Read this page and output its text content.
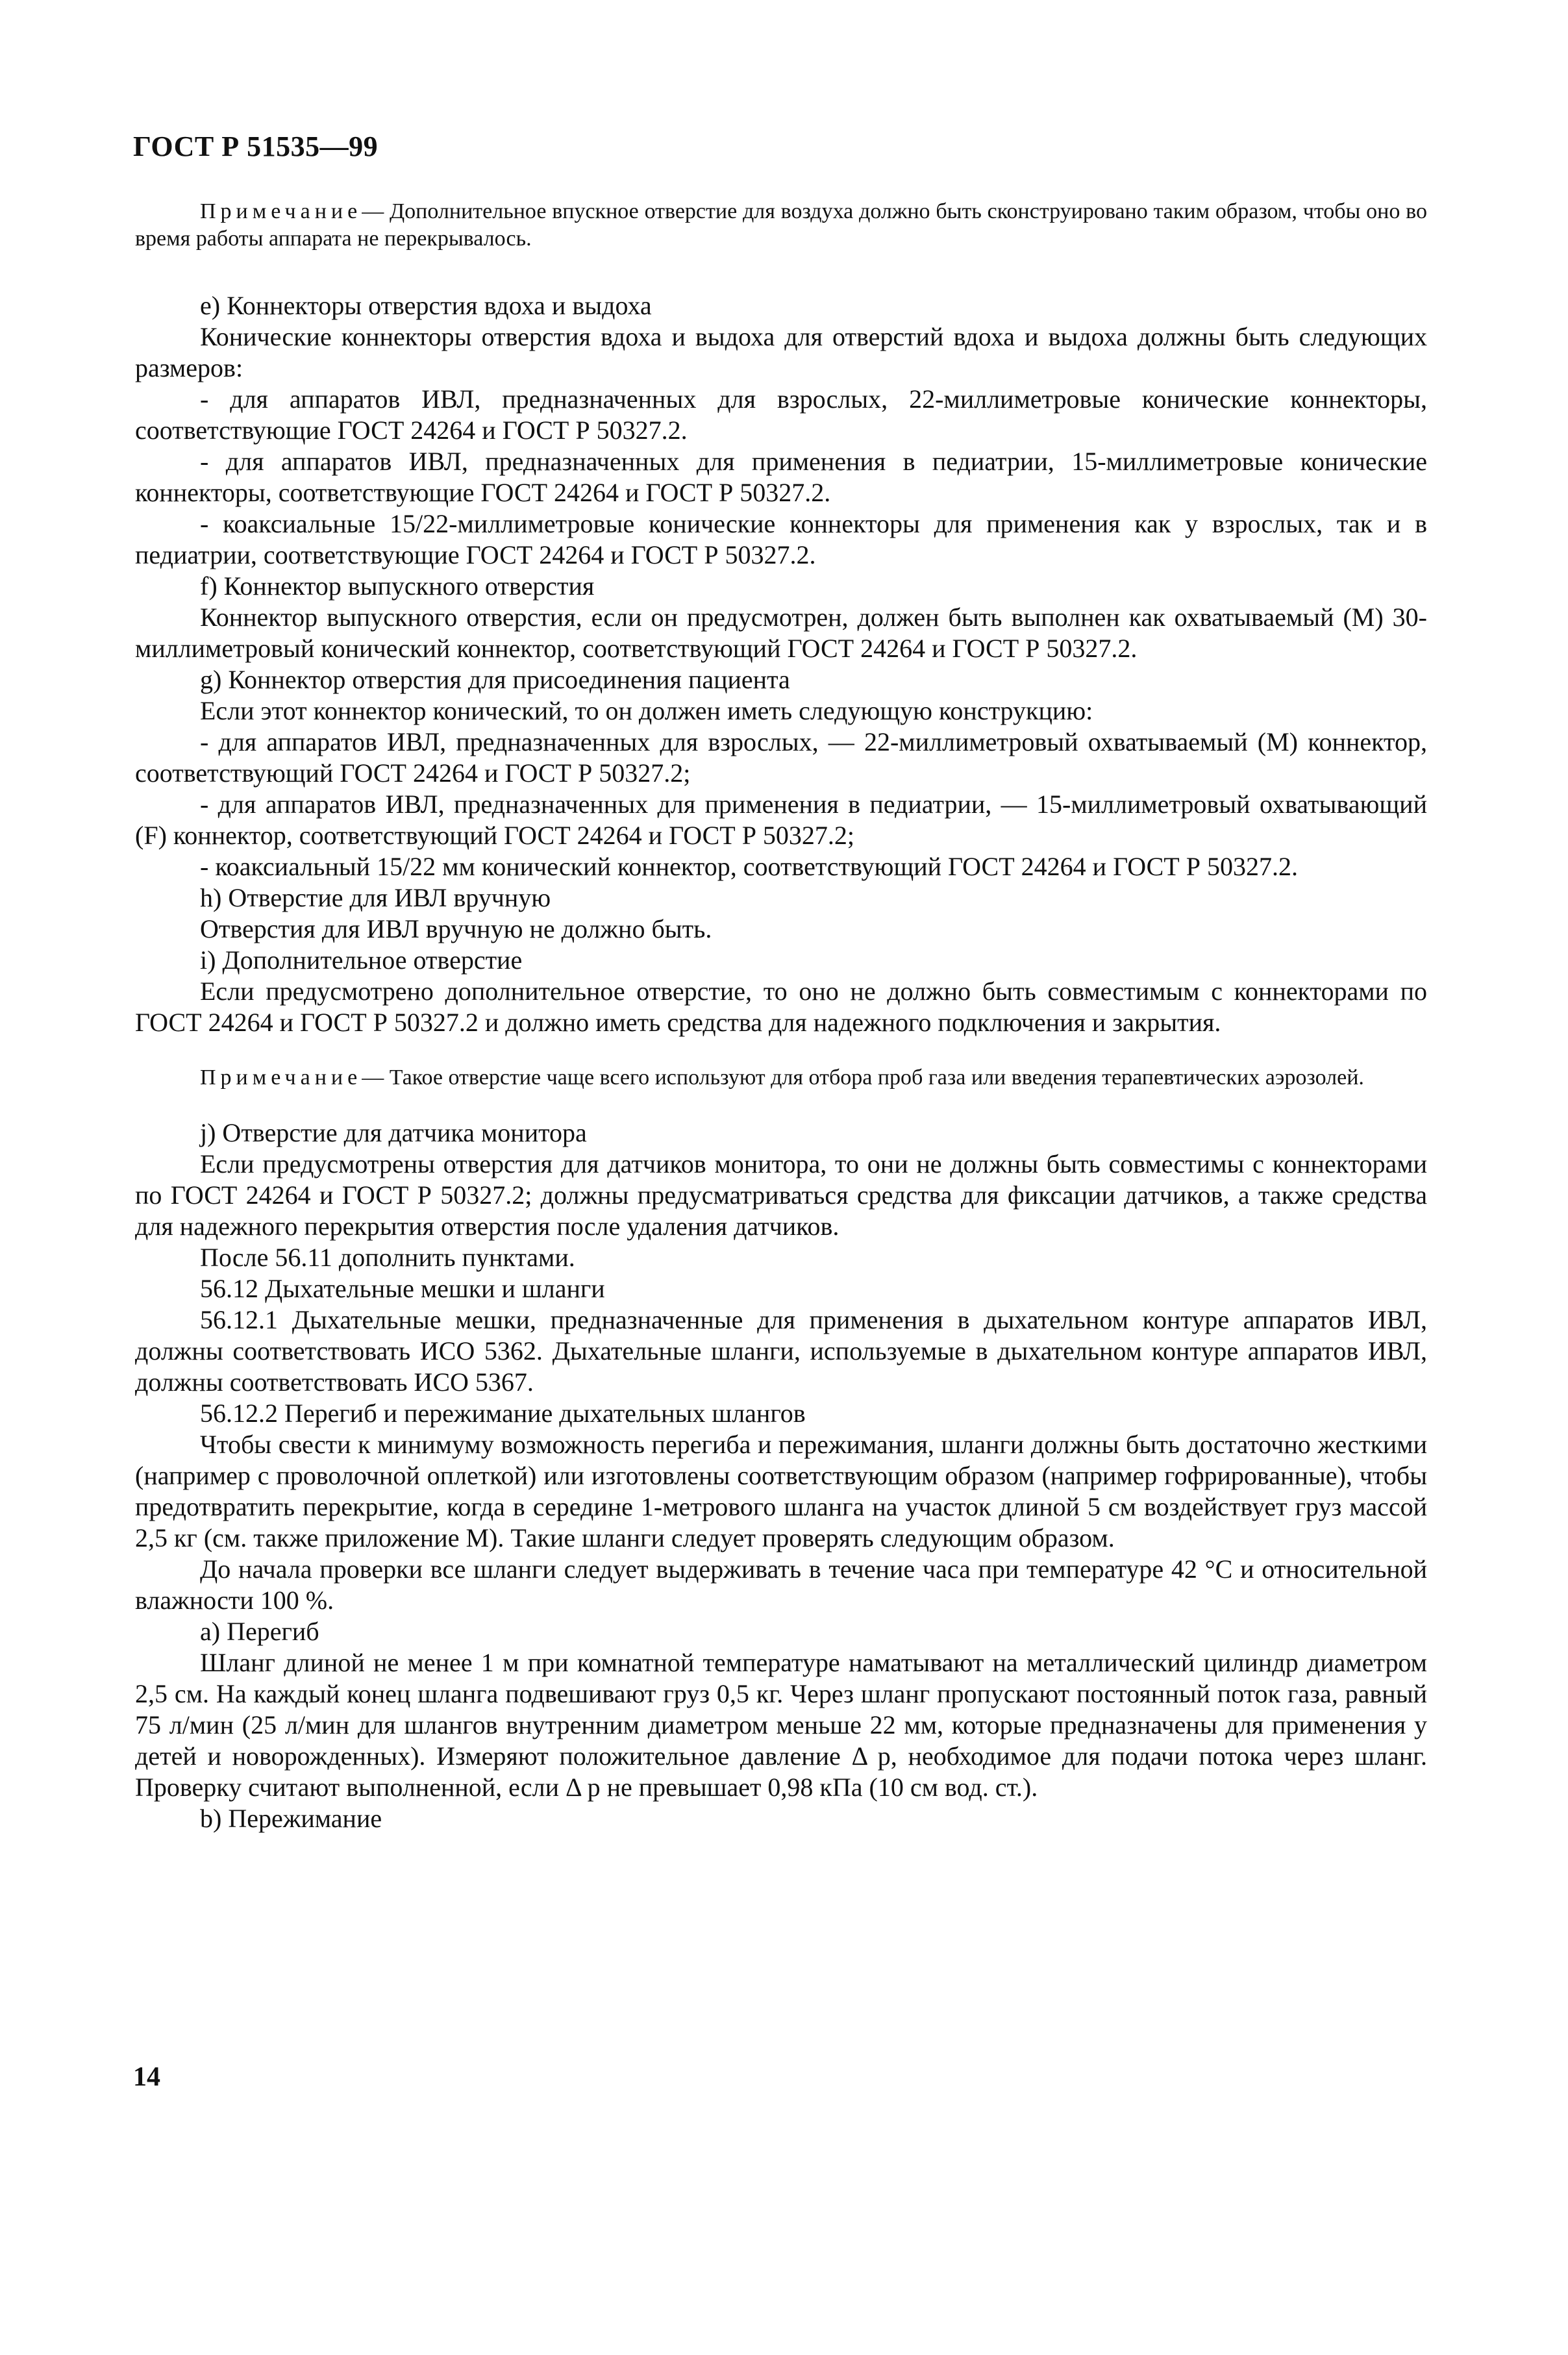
ГОСТ Р 51535—99

Примечание— Дополнительное впускное отверстие для воздуха должно быть сконструировано таким образом, чтобы оно во время работы аппарата не перекрывалось.

е) Коннекторы отверстия вдоха и выдоха

Конические коннекторы отверстия вдоха и выдоха для отверстий вдоха и выдоха должны быть следующих размеров:

- для аппаратов ИВЛ, предназначенных для взрослых, 22-миллиметровые конические коннекторы, соответствующие ГОСТ 24264 и ГОСТ Р 50327.2.

- для аппаратов ИВЛ, предназначенных для применения в педиатрии, 15-миллиметровые конические коннекторы, соответствующие ГОСТ 24264 и ГОСТ Р 50327.2.

- коаксиальные 15/22-миллиметровые конические коннекторы для применения как у взрослых, так и в педиатрии, соответствующие ГОСТ 24264 и ГОСТ Р 50327.2.

f) Коннектор выпускного отверстия

Коннектор выпускного отверстия, если он предусмотрен, должен быть выполнен как охватываемый (М) 30-миллиметровый конический коннектор, соответствующий ГОСТ 24264 и ГОСТ Р 50327.2.

g) Коннектор отверстия для присоединения пациента

Если этот коннектор конический, то он должен иметь следующую конструкцию:

- для аппаратов ИВЛ, предназначенных для взрослых, — 22-миллиметровый охватываемый (М) коннектор, соответствующий ГОСТ 24264 и ГОСТ Р 50327.2;

- для аппаратов ИВЛ, предназначенных для применения в педиатрии, — 15-миллиметровый охватывающий (F) коннектор, соответствующий ГОСТ 24264 и ГОСТ Р 50327.2;

- коаксиальный 15/22 мм конический коннектор, соответствующий ГОСТ 24264 и ГОСТ Р 50327.2.

h) Отверстие для ИВЛ вручную

Отверстия для ИВЛ вручную не должно быть.

i) Дополнительное отверстие

Если предусмотрено дополнительное отверстие, то оно не должно быть совместимым с коннекторами по ГОСТ 24264 и ГОСТ Р 50327.2 и должно иметь средства для надежного подключения и закрытия.

Примечание— Такое отверстие чаще всего используют для отбора проб газа или введения терапевтических аэрозолей.

j) Отверстие для датчика монитора

Если предусмотрены отверстия для датчиков монитора, то они не должны быть совместимы с коннекторами по ГОСТ 24264 и ГОСТ Р 50327.2; должны предусматриваться средства для фиксации датчиков, а также средства для надежного перекрытия отверстия после удаления датчиков.

После 56.11 дополнить пунктами.

56.12 Дыхательные мешки и шланги

56.12.1 Дыхательные мешки, предназначенные для применения в дыхательном контуре аппаратов ИВЛ, должны соответствовать ИСО 5362. Дыхательные шланги, используемые в дыхательном контуре аппаратов ИВЛ, должны соответствовать ИСО 5367.

56.12.2 Перегиб и пережимание дыхательных шлангов

Чтобы свести к минимуму возможность перегиба и пережимания, шланги должны быть достаточно жесткими (например с проволочной оплеткой) или изготовлены соответствующим образом (например гофрированные), чтобы предотвратить перекрытие, когда в середине 1-метрового шланга на участок длиной 5 см воздействует груз массой 2,5 кг (см. также приложение М). Такие шланги следует проверять следующим образом.

До начала проверки все шланги следует выдерживать в течение часа при температуре 42 °С и относительной влажности 100 %.

а) Перегиб

Шланг длиной не менее 1 м при комнатной температуре наматывают на металлический цилиндр диаметром 2,5 см. На каждый конец шланга подвешивают груз 0,5 кг. Через шланг пропускают постоянный поток газа, равный 75 л/мин (25 л/мин для шлангов внутренним диаметром меньше 22 мм, которые предназначены для применения у детей и новорожденных). Измеряют положительное давление Δ p, необходимое для подачи потока через шланг. Проверку считают выполненной, если Δ p не превышает 0,98 кПа (10 см вод. ст.).

b) Пережимание

14
